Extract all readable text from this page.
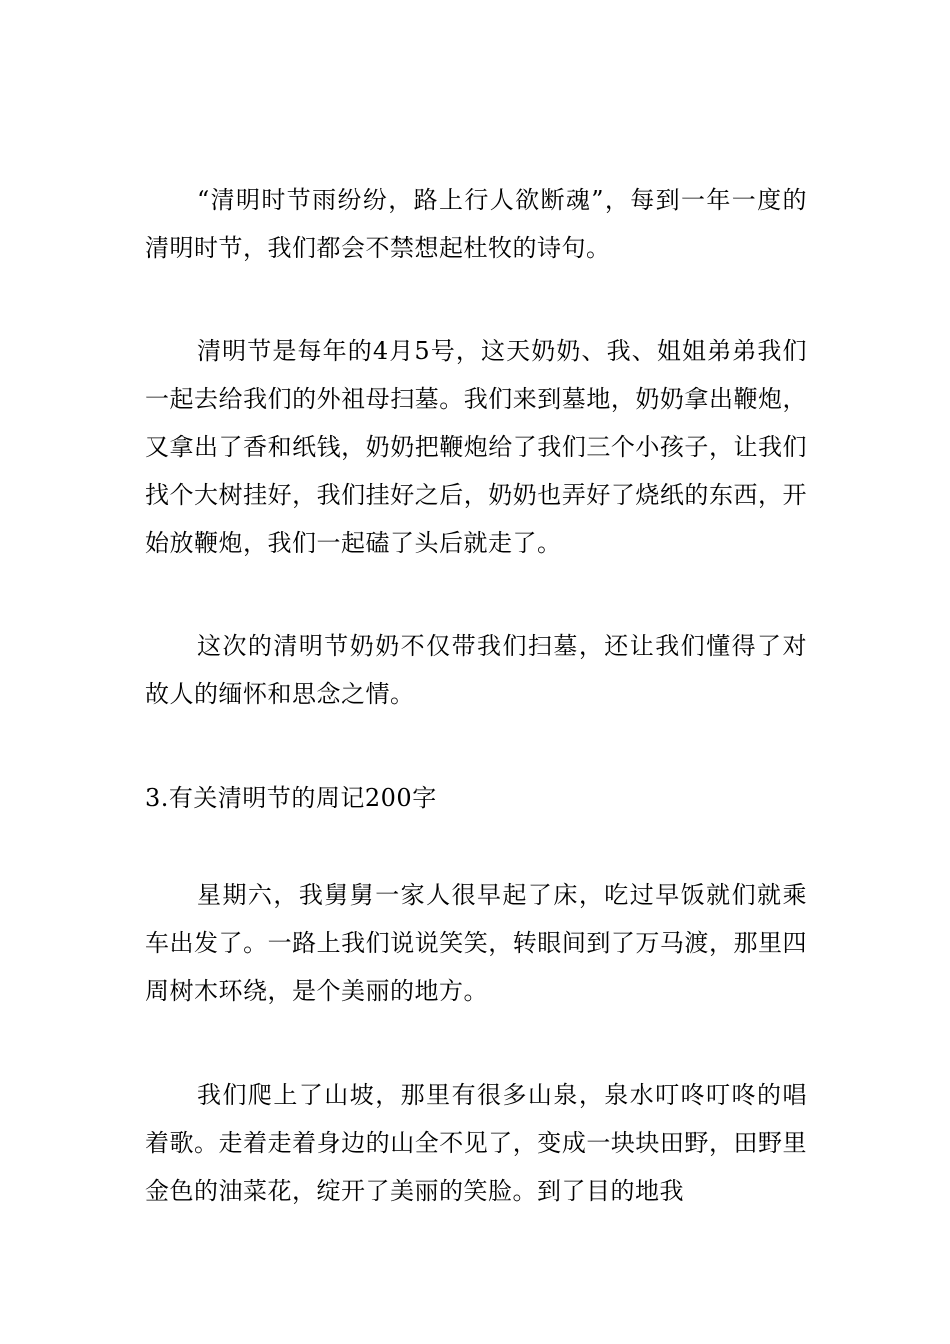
“清明时节雨纷纷，路上行人欲断魂”，每到一年一度的清明时节，我们都会不禁想起杜牧的诗句。

清明节是每年的4月5号，这天奶奶、我、姐姐弟弟我们一起去给我们的外祖母扫墓。我们来到墓地，奶奶拿出鞭炮，又拿出了香和纸钱，奶奶把鞭炮给了我们三个小孩子，让我们找个大树挂好，我们挂好之后，奶奶也弄好了烧纸的东西，开始放鞭炮，我们一起磕了头后就走了。

这次的清明节奶奶不仅带我们扫墓，还让我们懂得了对故人的缅怀和思念之情。

3.有关清明节的周记200字

星期六，我舅舅一家人很早起了床，吃过早饭就们就乘车出发了。一路上我们说说笑笑，转眼间到了万马渡，那里四周树木环绕，是个美丽的地方。

我们爬上了山坡，那里有很多山泉，泉水叮咚叮咚的唱着歌。走着走着身边的山全不见了，变成一块块田野，田野里金色的油菜花，绽开了美丽的笑脸。到了目的地我
